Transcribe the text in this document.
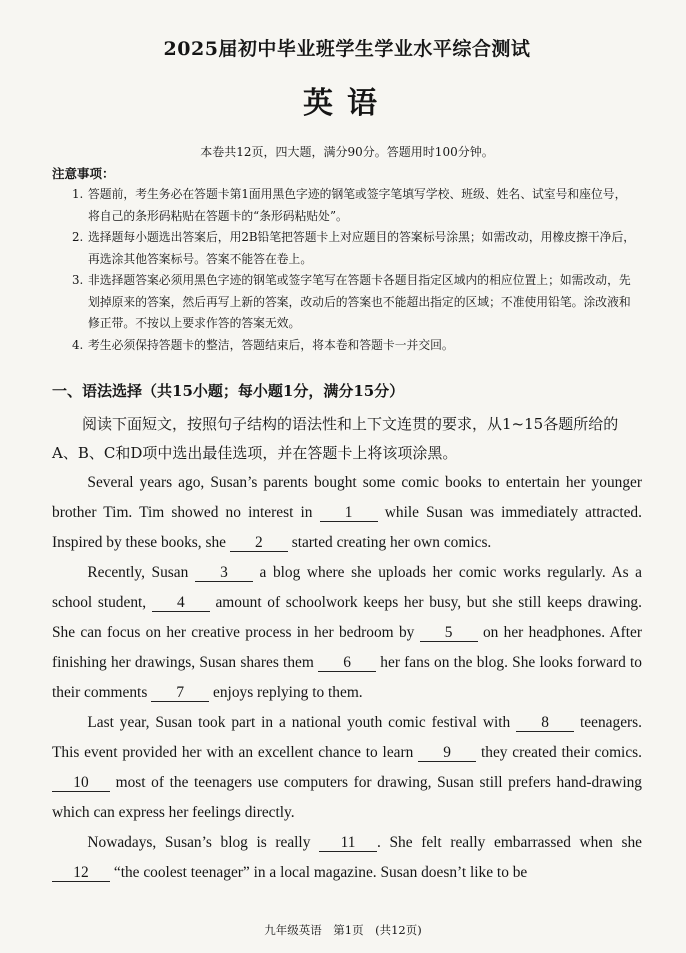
2025届初中毕业班学生学业水平综合测试
英语
本卷共12页，四大题，满分90分。答题用时100分钟。
注意事项：
1. 答题前，考生务必在答题卡第1面用黑色字迹的钢笔或签字笔填写学校、班级、姓名、试室号和座位号，将自己的条形码粘贴在答题卡的“条形码粘贴处”。
2. 选择题每小题选出答案后，用2B铅笔把答题卡上对应题目的答案标号涂黑；如需改动，用橡皮擦干净后，再选涂其他答案标号。答案不能答在卷上。
3. 非选择题答案必须用黑色字迹的钢笔或签字笔写在答题卡各题目指定区域内的相应位置上；如需改动，先划掉原来的答案，然后再写上新的答案，改动后的答案也不能超出指定的区域；不准使用铅笔。涂改液和修正带。不按以上要求作答的答案无效。
4. 考生必须保持答题卡的整洁，答题结束后，将本卷和答题卡一并交回。
一、语法选择（共15小题；每小题1分，满分15分）

阅读下面短文，按照句子结构的语法性和上下文连贯的要求，从1~15各题所给的A、B、C和D项中选出最佳选项，并在答题卡上将该项涂黑。

Several years ago, Susan’s parents bought some comic books to entertain her younger brother Tim. Tim showed no interest in 1 while Susan was immediately attracted. Inspired by these books, she 2 started creating her own comics.

Recently, Susan 3 a blog where she uploads her comic works regularly. As a school student, 4 amount of schoolwork keeps her busy, but she still keeps drawing. She can focus on her creative process in her bedroom by 5 on her headphones. After finishing her drawings, Susan shares them 6 her fans on the blog. She looks forward to their comments 7 enjoys replying to them.

Last year, Susan took part in a national youth comic festival with 8 teenagers. This event provided her with an excellent chance to learn 9 they created their comics. 10 most of the teenagers use computers for drawing, Susan still prefers hand-drawing which can express her feelings directly.

Nowadays, Susan’s blog is really 11 . She felt really embarrassed when she 12 “the coolest teenager” in a local magazine. Susan doesn’t like to be

九年级英语　第1页　(共12页)
